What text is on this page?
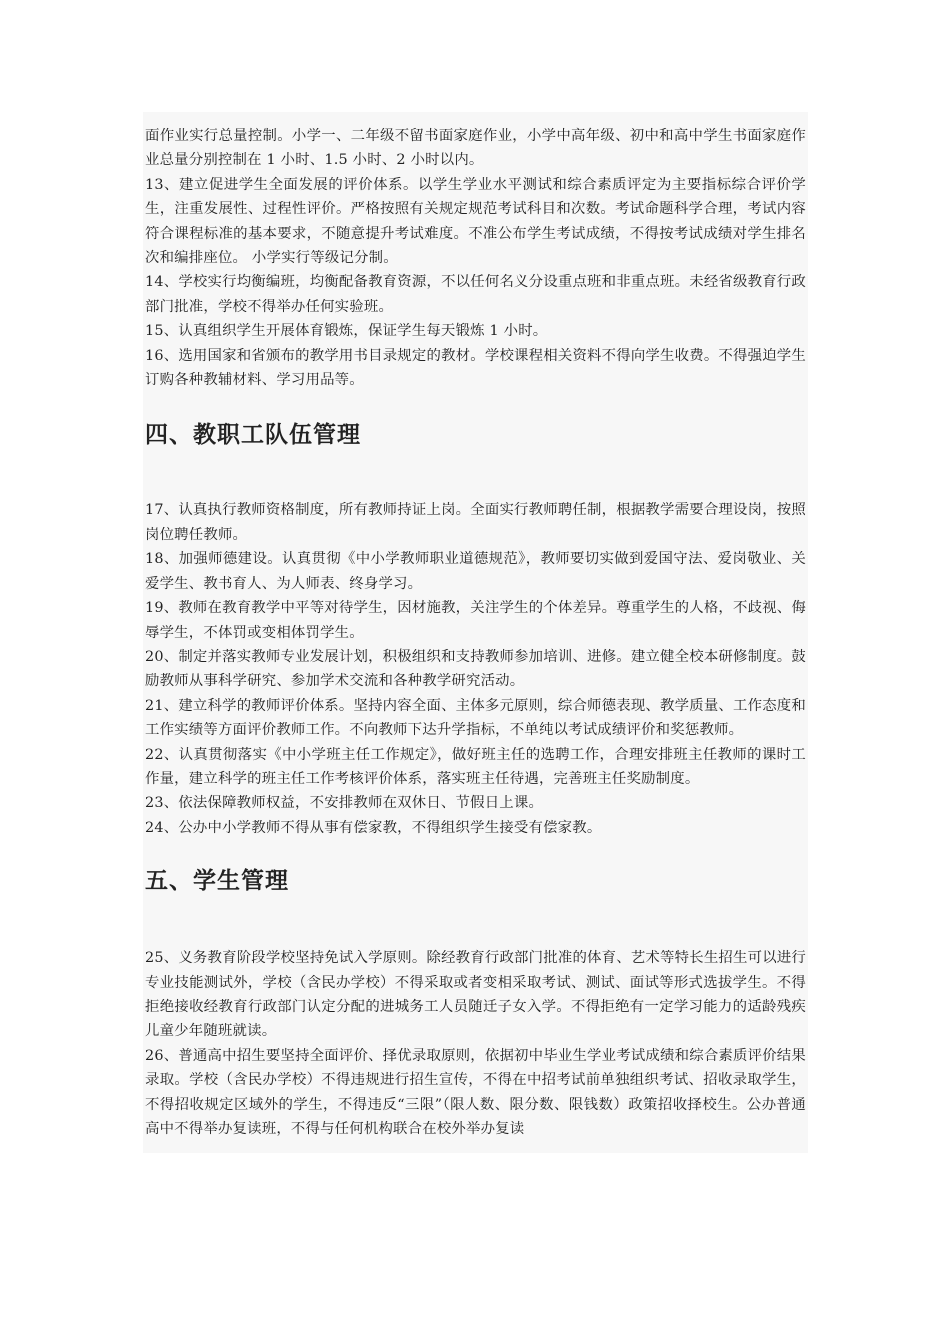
面作业实行总量控制。小学一、二年级不留书面家庭作业，小学中高年级、初中和高中学生书面家庭作业总量分别控制在 1 小时、1.5 小时、2 小时以内。

13、建立促进学生全面发展的评价体系。以学生学业水平测试和综合素质评定为主要指标综合评价学生，注重发展性、过程性评价。严格按照有关规定规范考试科目和次数。考试命题科学合理，考试内容符合课程标准的基本要求，不随意提升考试难度。不准公布学生考试成绩，不得按考试成绩对学生排名次和编排座位。 小学实行等级记分制。

14、学校实行均衡编班，均衡配备教育资源，不以任何名义分设重点班和非重点班。未经省级教育行政部门批准，学校不得举办任何实验班。

15、认真组织学生开展体育锻炼，保证学生每天锻炼 1 小时。

16、选用国家和省颁布的教学用书目录规定的教材。学校课程相关资料不得向学生收费。不得强迫学生订购各种教辅材料、学习用品等。

四、教职工队伍管理

17、认真执行教师资格制度，所有教师持证上岗。全面实行教师聘任制，根据教学需要合理设岗，按照岗位聘任教师。

18、加强师德建设。认真贯彻《中小学教师职业道德规范》，教师要切实做到爱国守法、爱岗敬业、关爱学生、教书育人、为人师表、终身学习。

19、教师在教育教学中平等对待学生，因材施教，关注学生的个体差异。尊重学生的人格，不歧视、侮辱学生，不体罚或变相体罚学生。

20、制定并落实教师专业发展计划，积极组织和支持教师参加培训、进修。建立健全校本研修制度。鼓励教师从事科学研究、参加学术交流和各种教学研究活动。

21、建立科学的教师评价体系。坚持内容全面、主体多元原则，综合师德表现、教学质量、工作态度和工作实绩等方面评价教师工作。不向教师下达升学指标，不单纯以考试成绩评价和奖惩教师。

22、认真贯彻落实《中小学班主任工作规定》，做好班主任的选聘工作，合理安排班主任教师的课时工作量，建立科学的班主任工作考核评价体系，落实班主任待遇，完善班主任奖励制度。

23、依法保障教师权益，不安排教师在双休日、节假日上课。

24、公办中小学教师不得从事有偿家教，不得组织学生接受有偿家教。

五、学生管理

25、义务教育阶段学校坚持免试入学原则。除经教育行政部门批准的体育、艺术等特长生招生可以进行专业技能测试外，学校（含民办学校）不得采取或者变相采取考试、测试、面试等形式选拔学生。不得拒绝接收经教育行政部门认定分配的进城务工人员随迁子女入学。不得拒绝有一定学习能力的适龄残疾儿童少年随班就读。

26、普通高中招生要坚持全面评价、择优录取原则，依据初中毕业生学业考试成绩和综合素质评价结果录取。学校（含民办学校）不得违规进行招生宣传，不得在中招考试前单独组织考试、招收录取学生，不得招收规定区域外的学生，不得违反“三限”（限人数、限分数、限钱数）政策招收择校生。公办普通高中不得举办复读班，不得与任何机构联合在校外举办复读
